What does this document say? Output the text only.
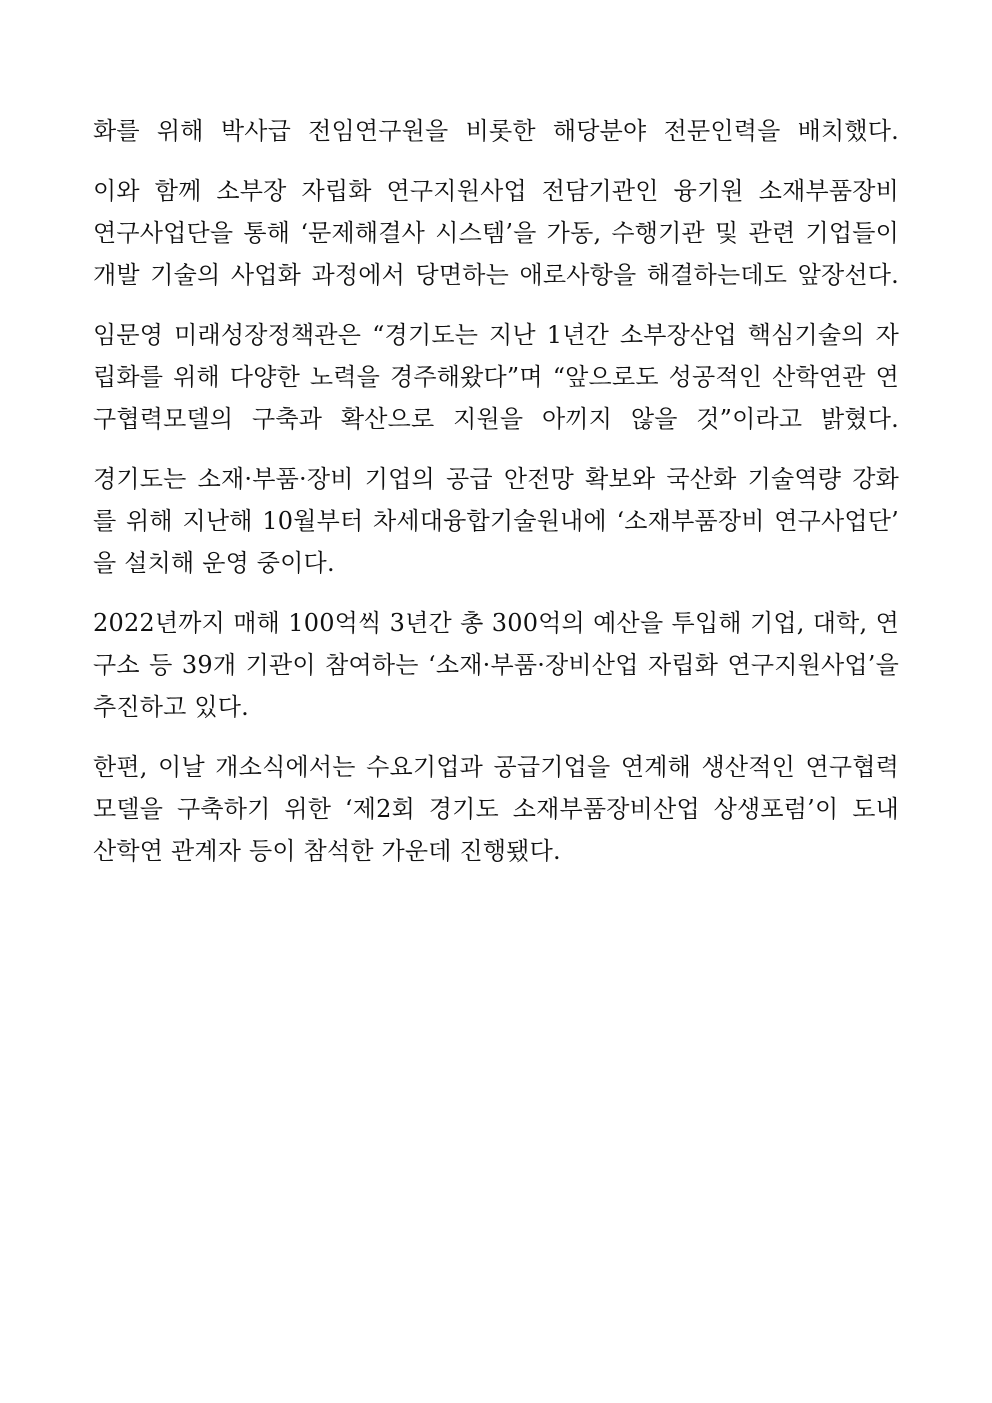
화를 위해 박사급 전임연구원을 비롯한 해당분야 전문인력을 배치했다.

이와 함께 소부장 자립화 연구지원사업 전담기관인 융기원 소재부품장비
연구사업단을 통해 ‘문제해결사 시스템’을 가동, 수행기관 및 관련 기업들이
개발 기술의 사업화 과정에서 당면하는 애로사항을 해결하는데도 앞장선다.

임문영 미래성장정책관은 “경기도는 지난 1년간 소부장산업 핵심기술의 자
립화를 위해 다양한 노력을 경주해왔다”며 “앞으로도 성공적인 산학연관 연
구협력모델의 구축과 확산으로 지원을 아끼지 않을 것”이라고 밝혔다.

경기도는 소재·부품·장비 기업의 공급 안전망 확보와 국산화 기술역량 강화
를 위해 지난해 10월부터 차세대융합기술원내에 ‘소재부품장비 연구사업단’
을 설치해 운영 중이다.

2022년까지 매해 100억씩 3년간 총 300억의 예산을 투입해 기업, 대학, 연
구소 등 39개 기관이 참여하는 ‘소재·부품·장비산업 자립화 연구지원사업’을
추진하고 있다.

한편, 이날 개소식에서는 수요기업과 공급기업을 연계해 생산적인 연구협력
모델을 구축하기 위한 ‘제2회 경기도 소재부품장비산업 상생포럼’이 도내
산학연 관계자 등이 참석한 가운데 진행됐다.
